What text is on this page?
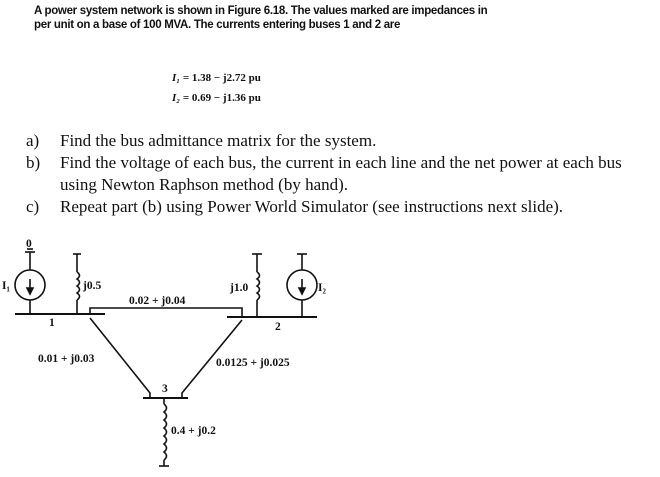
A power system network is shown in Figure 6.18. The values marked are impedances in per unit on a base of 100 MVA. The currents entering buses 1 and 2 are
I₁ = 1.38 − j2.72 pu
I₂ = 0.69 − j1.36 pu
a) Find the bus admittance matrix for the system.
b) Find the voltage of each bus, the current in each line and the net power at each bus using Newton Raphson method (by hand).
c) Repeat part (b) using Power World Simulator (see instructions next slide).
0
I₁	I₂
1	2
3
j0.5	j1.0
0.02 + j0.04
0.01 + j0.03	0.0125 + j0.025
0.4 + j0.2
